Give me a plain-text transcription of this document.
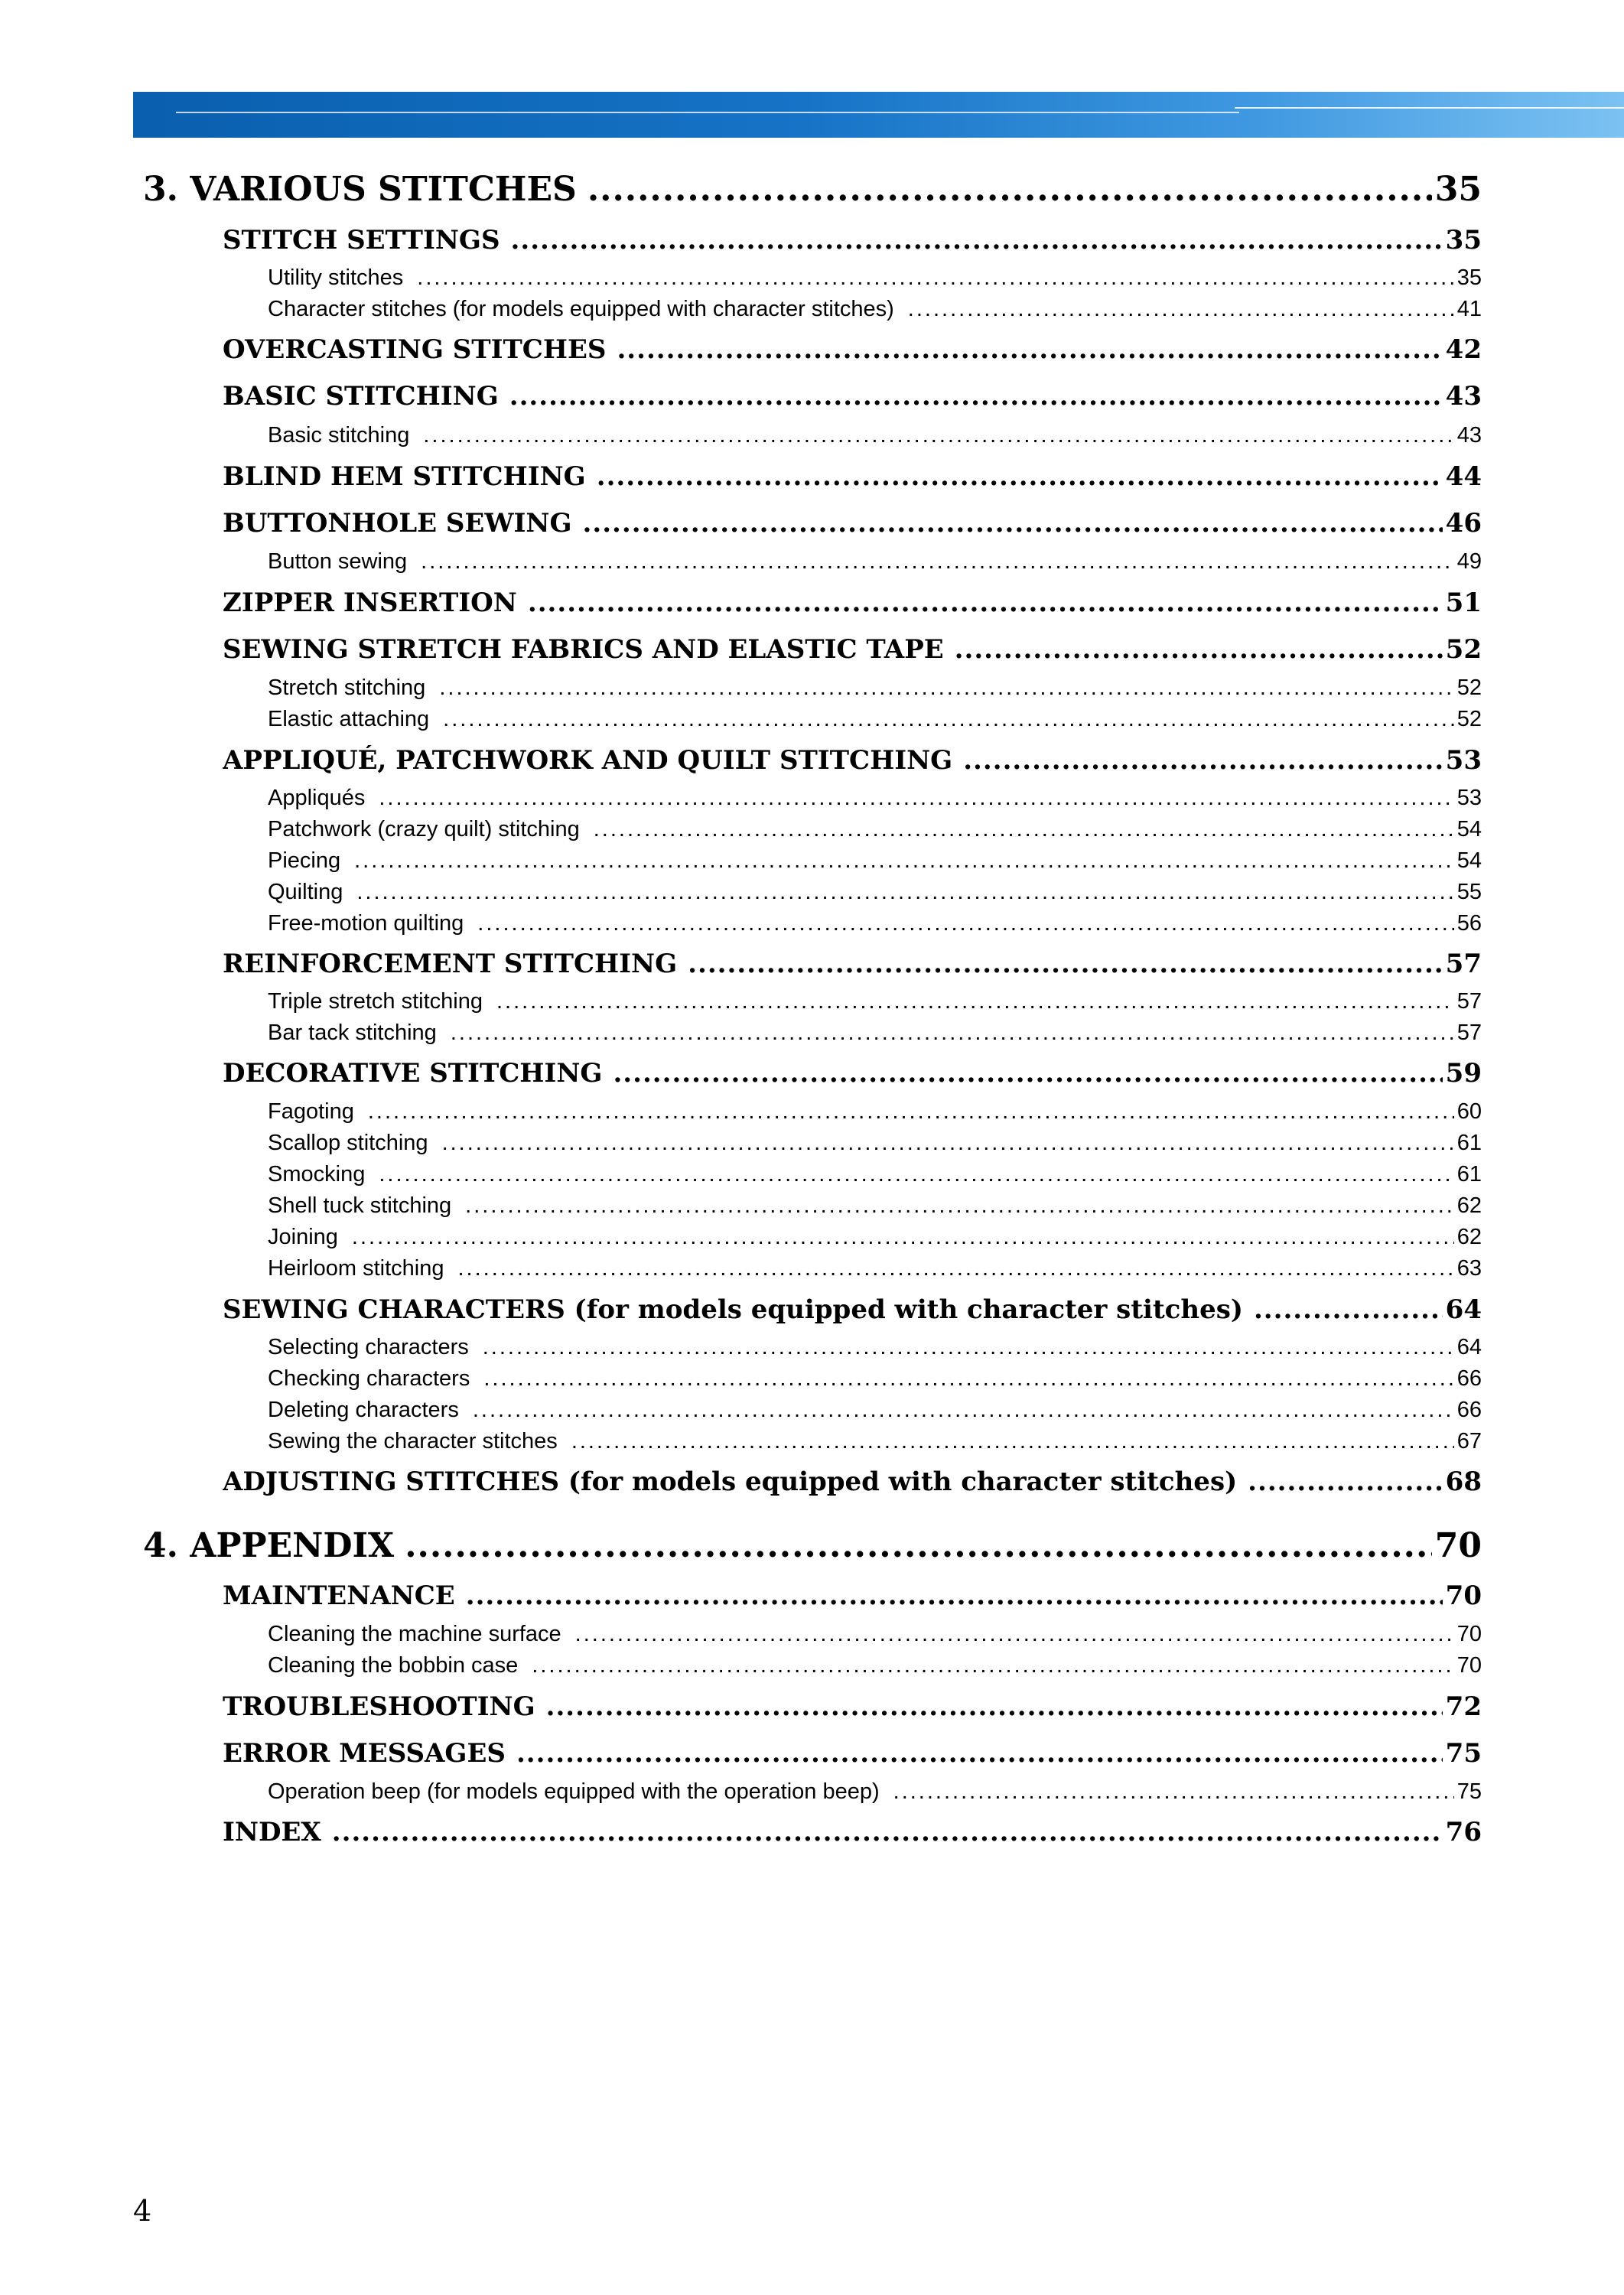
3. VARIOUS STITCHES .....	35
STITCH SETTINGS .....	35
Utility stitches .....	35
Character stitches (for models equipped with character stitches) .....	41
OVERCASTING STITCHES .....	42
BASIC STITCHING .....	43
Basic stitching .....	43
BLIND HEM STITCHING .....	44
BUTTONHOLE SEWING .....	46
Button sewing .....	49
ZIPPER INSERTION .....	51
SEWING STRETCH FABRICS AND ELASTIC TAPE .....	52
Stretch stitching .....	52
Elastic attaching .....	52
APPLIQUÉ, PATCHWORK AND QUILT STITCHING .....	53
Appliqués .....	53
Patchwork (crazy quilt) stitching .....	54
Piecing .....	54
Quilting .....	55
Free-motion quilting .....	56
REINFORCEMENT STITCHING .....	57
Triple stretch stitching .....	57
Bar tack stitching .....	57
DECORATIVE STITCHING .....	59
Fagoting .....	60
Scallop stitching .....	61
Smocking .....	61
Shell tuck stitching .....	62
Joining .....	62
Heirloom stitching .....	63
SEWING CHARACTERS (for models equipped with character stitches) .....	64
Selecting characters .....	64
Checking characters .....	66
Deleting characters .....	66
Sewing the character stitches .....	67
ADJUSTING STITCHES (for models equipped with character stitches) .....	68
4. APPENDIX .....	70
MAINTENANCE .....	70
Cleaning the machine surface .....	70
Cleaning the bobbin case .....	70
TROUBLESHOOTING .....	72
ERROR MESSAGES .....	75
Operation beep (for models equipped with the operation beep) .....	75
INDEX .....	76
4
